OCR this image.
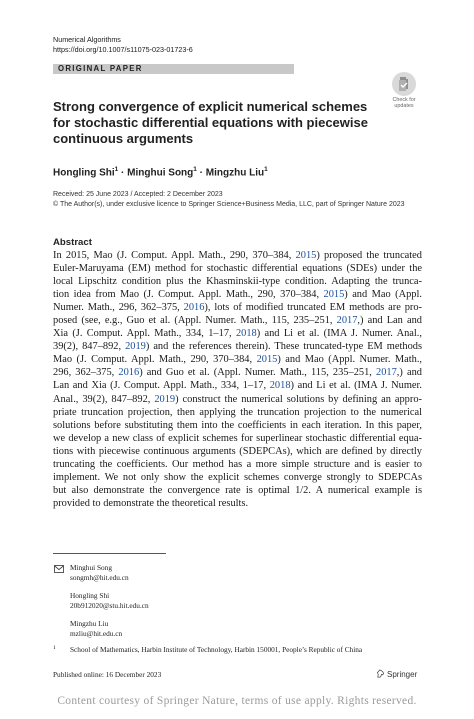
Numerical Algorithms
https://doi.org/10.1007/s11075-023-01723-6
ORIGINAL PAPER
Check for
updates
Strong convergence of explicit numerical schemes
for stochastic differential equations with piecewise
continuous arguments
Hongling Shi$^1$ · Minghui Song$^1$ · Mingzhu Liu$^1$
Received: 25 June 2023 / Accepted: 2 December 2023
© The Author(s), under exclusive licence to Springer Science+Business Media, LLC, part of Springer Nature 2023
Abstract
In 2015, Mao (J. Comput. Appl. Math., 290, 370–384, 2015) proposed the truncated
Euler-Maruyama (EM) method for stochastic differential equations (SDEs) under the
local Lipschitz condition plus the Khasminskii-type condition. Adapting the trunca-
tion idea from Mao (J. Comput. Appl. Math., 290, 370–384, 2015) and Mao (Appl.
Numer. Math., 296, 362–375, 2016), lots of modified truncated EM methods are pro-
posed (see, e.g., Guo et al. (Appl. Numer. Math., 115, 235–251, 2017,) and Lan and
Xia (J. Comput. Appl. Math., 334, 1–17, 2018) and Li et al. (IMA J. Numer. Anal.,
39(2), 847–892, 2019) and the references therein). These truncated-type EM methods
Mao (J. Comput. Appl. Math., 290, 370–384, 2015) and Mao (Appl. Numer. Math.,
296, 362–375, 2016) and Guo et al. (Appl. Numer. Math., 115, 235–251, 2017,) and
Lan and Xia (J. Comput. Appl. Math., 334, 1–17, 2018) and Li et al. (IMA J. Numer.
Anal., 39(2), 847–892, 2019) construct the numerical solutions by defining an appro-
priate truncation projection, then applying the truncation projection to the numerical
solutions before substituting them into the coefficients in each iteration. In this paper,
we develop a new class of explicit schemes for superlinear stochastic differential equa-
tions with piecewise continuous arguments (SDEPCAs), which are defined by directly
truncating the coefficients. Our method has a more simple structure and is easier to
implement. We not only show the explicit schemes converge strongly to SDEPCAs
but also demonstrate the convergence rate is optimal 1/2. A numerical example is
provided to demonstrate the theoretical results.
Minghui Song
songmh@hit.edu.cn
Hongling Shi
20b912020@stu.hit.edu.cn
Mingzhu Liu
mzliu@hit.edu.cn
1 School of Mathematics, Harbin Institute of Technology, Harbin 150001, People’s Republic of China
Published online: 16 December 2023	Springer
Content courtesy of Springer Nature, terms of use apply. Rights reserved.
